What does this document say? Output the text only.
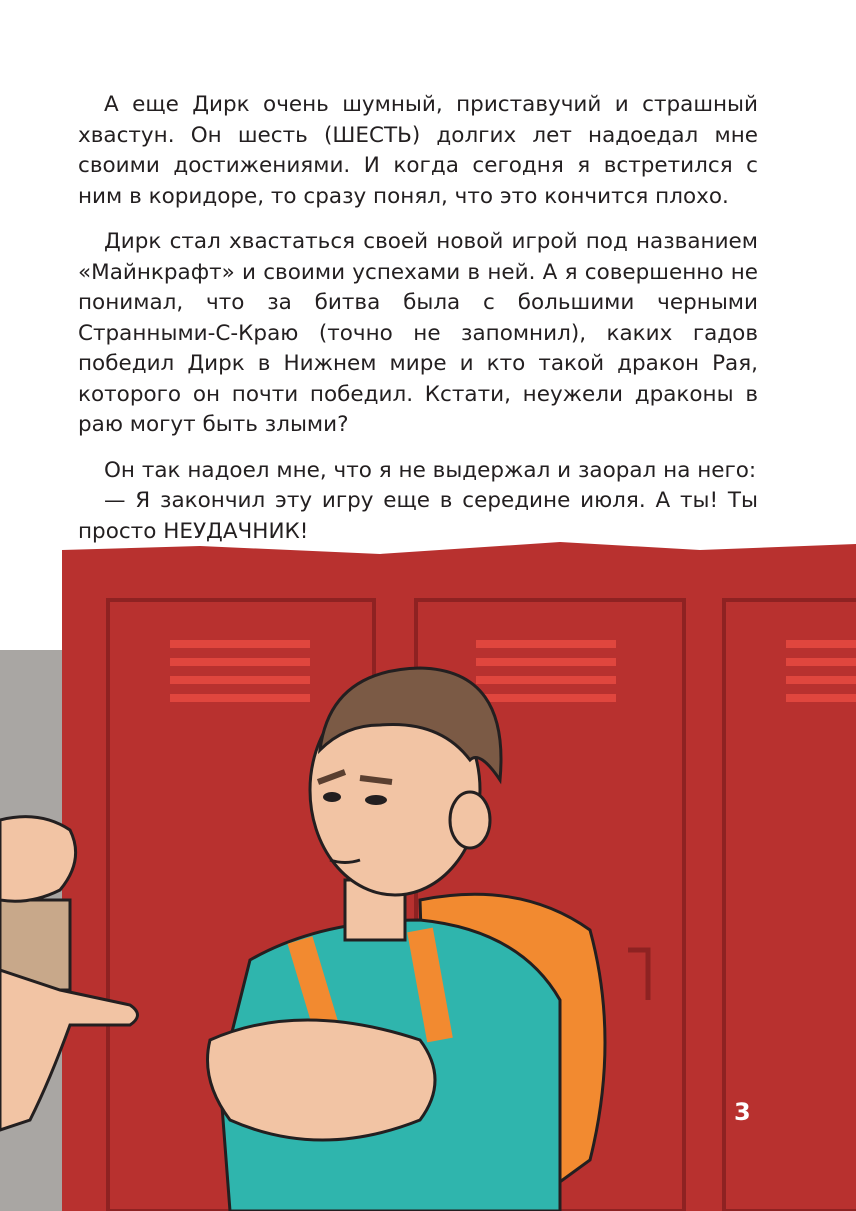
А еще Дирк очень шумный, приставучий и страшный хвастун. Он шесть (ШЕСТЬ) долгих лет надоедал мне своими достижениями. И когда сегодня я встретился с ним в коридоре, то сразу понял, что это кончится плохо.

Дирк стал хвастаться своей новой игрой под названием «Майнкрафт» и своими успехами в ней. А я совершенно не понимал, что за битва была с большими черными Странными-С-Краю (точно не запомнил), каких гадов победил Дирк в Нижнем мире и кто такой дракон Рая, которого он почти победил. Кстати, неужели драконы в раю могут быть злыми?

Он так надоел мне, что я не выдержал и заорал на него:

— Я закончил эту игру еще в середине июля. А ты! Ты просто НЕУДАЧНИК!

3
